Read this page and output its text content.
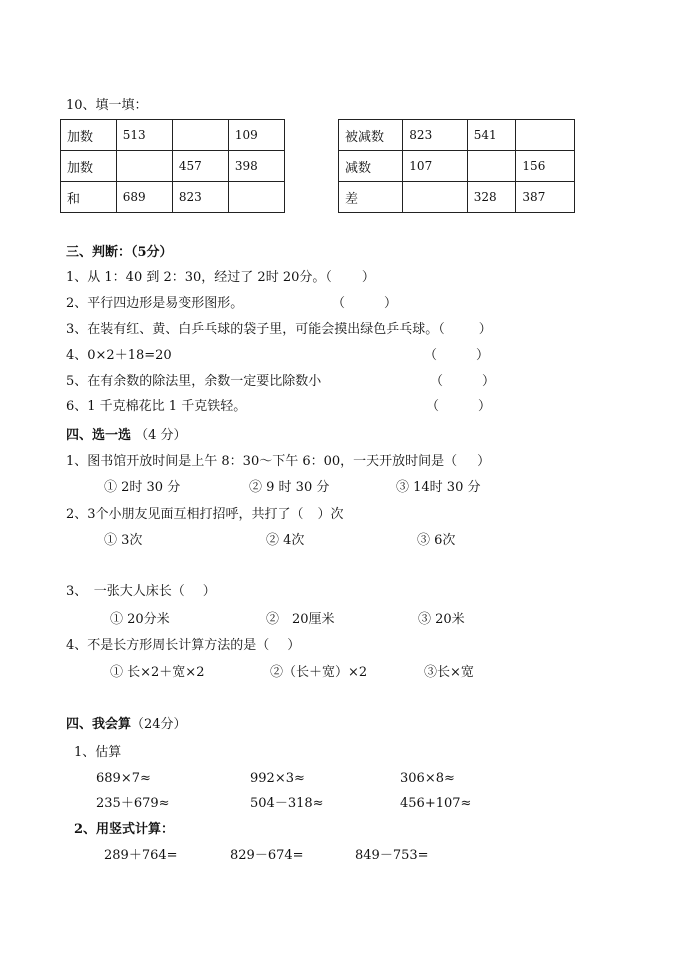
10、填一填：
加数	513		109
加数		457	398
和	689	823	
被减数	823	541	
减数	107		156
差		328	387
三、判断：（5分）
1、从 1：40 到 2：30，经过了 2时 20分。（ ）
2、平行四边形是易变形图形。	（　　　）
3、在装有红、黄、白乒乓球的袋子里，可能会摸出绿色乒乓球。（	）
4、0×2＋18=20	（　　　）
5、在有余数的除法里，余数一定要比除数小	（　　　）
6、1 千克棉花比 1 千克铁轻。	（　　　）
四、选一选 （4 分）
1、图书馆开放时间是上午 8：30～下午 6：00，一天开放时间是（ ）
① 2时 30 分	② 9 时 30 分	③ 14时 30 分
2、3个小朋友见面互相打招呼，共打了（ ）次
① 3次	② 4次	③ 6次
3、　一张大人床长（ ）
① 20分米	②　20厘米	③ 20米
4、不是长方形周长计算方法的是（ ）
① 长×2＋宽×2	②（长＋宽）×2	③长×宽
四、我会算（24分）
1、估算
689×7≈	992×3≈	306×8≈
235＋679≈	504－318≈	456+107≈
2、用竖式计算：
289＋764=	829－674=	849－753=
